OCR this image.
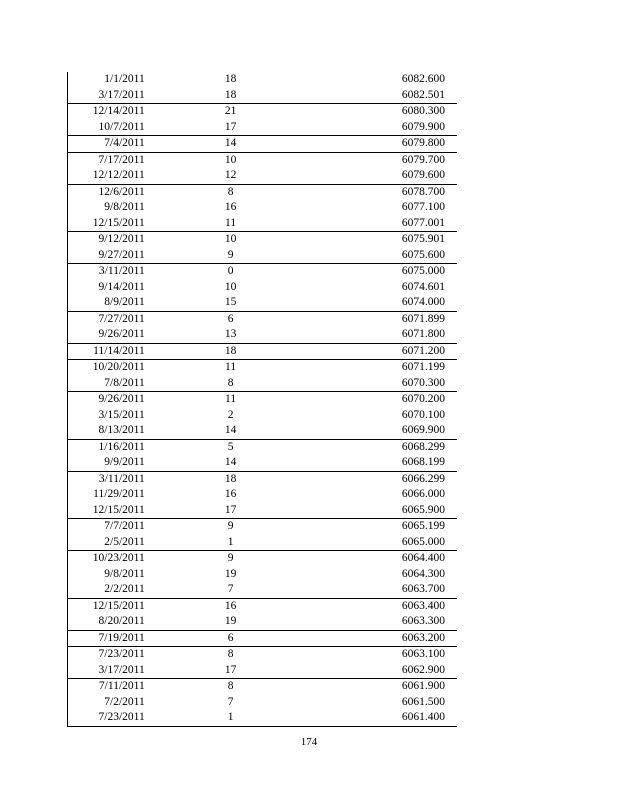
1/1/2011	18	6082.600
3/17/2011	18	6082.501
12/14/2011	21	6080.300
10/7/2011	17	6079.900
7/4/2011	14	6079.800
7/17/2011	10	6079.700
12/12/2011	12	6079.600
12/6/2011	8	6078.700
9/8/2011	16	6077.100
12/15/2011	11	6077.001
9/12/2011	10	6075.901
9/27/2011	9	6075.600
3/11/2011	0	6075.000
9/14/2011	10	6074.601
8/9/2011	15	6074.000
7/27/2011	6	6071.899
9/26/2011	13	6071.800
11/14/2011	18	6071.200
10/20/2011	11	6071.199
7/8/2011	8	6070.300
9/26/2011	11	6070.200
3/15/2011	2	6070.100
8/13/2011	14	6069.900
1/16/2011	5	6068.299
9/9/2011	14	6068.199
3/11/2011	18	6066.299
11/29/2011	16	6066.000
12/15/2011	17	6065.900
7/7/2011	9	6065.199
2/5/2011	1	6065.000
10/23/2011	9	6064.400
9/8/2011	19	6064.300
2/2/2011	7	6063.700
12/15/2011	16	6063.400
8/20/2011	19	6063.300
7/19/2011	6	6063.200
7/23/2011	8	6063.100
3/17/2011	17	6062.900
7/11/2011	8	6061.900
7/2/2011	7	6061.500
7/23/2011	1	6061.400
174
